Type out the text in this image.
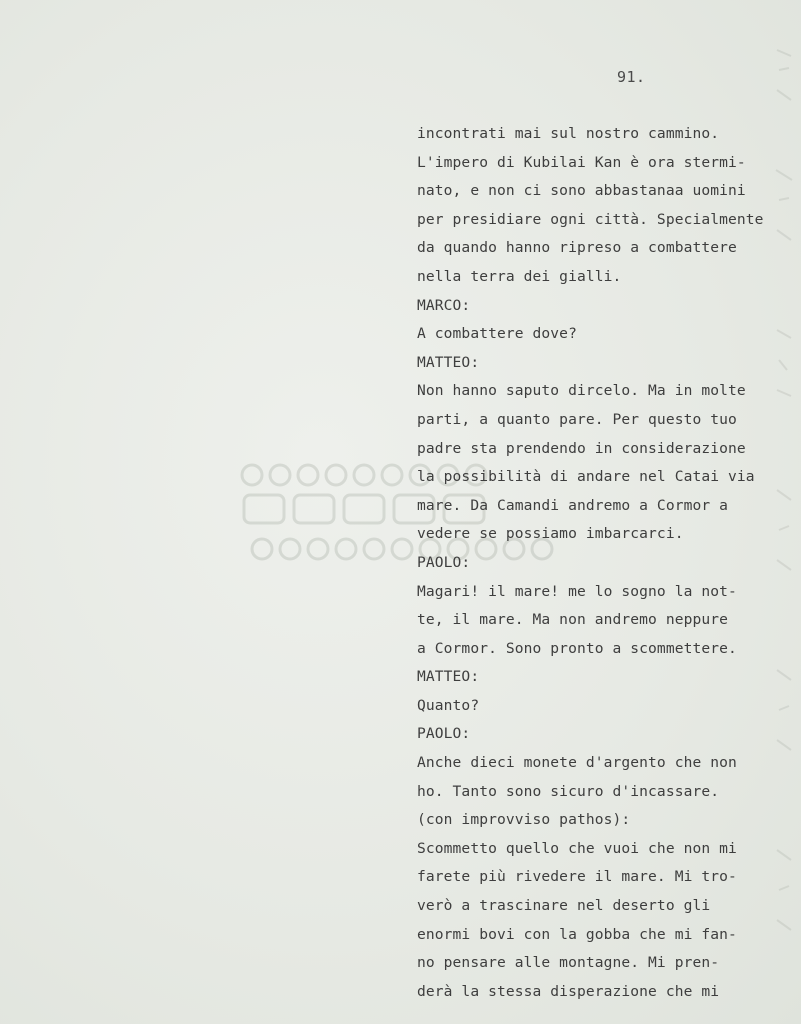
91.
incontrati mai sul nostro cammino.
L'impero di Kubilai Kan è ora stermi-
nato, e non ci sono abbastanaa uomini
per presidiare ogni città. Specialmente
da quando hanno ripreso a combattere
nella terra dei gialli.
MARCO:
A combattere dove?
MATTEO:
Non hanno saputo dircelo. Ma in molte
parti, a quanto pare. Per questo tuo
padre sta prendendo in considerazione
la possibilità di andare nel Catai via
mare. Da Camandi andremo a Cormor a
vedere se possiamo imbarcarci.
PAOLO:
Magari! il mare! me lo sogno la not-
te, il mare. Ma non andremo neppure
a Cormor. Sono pronto a scommettere.
MATTEO:
Quanto?
PAOLO:
Anche dieci monete d'argento che non
ho. Tanto sono sicuro d'incassare.
(con improvviso pathos):
Scommetto quello che vuoi che non mi
farete più rivedere il mare. Mi tro-
verò a trascinare nel deserto gli
enormi bovi con la gobba che mi fan-
no pensare alle montagne. Mi pren-
derà la stessa disperazione che mi
